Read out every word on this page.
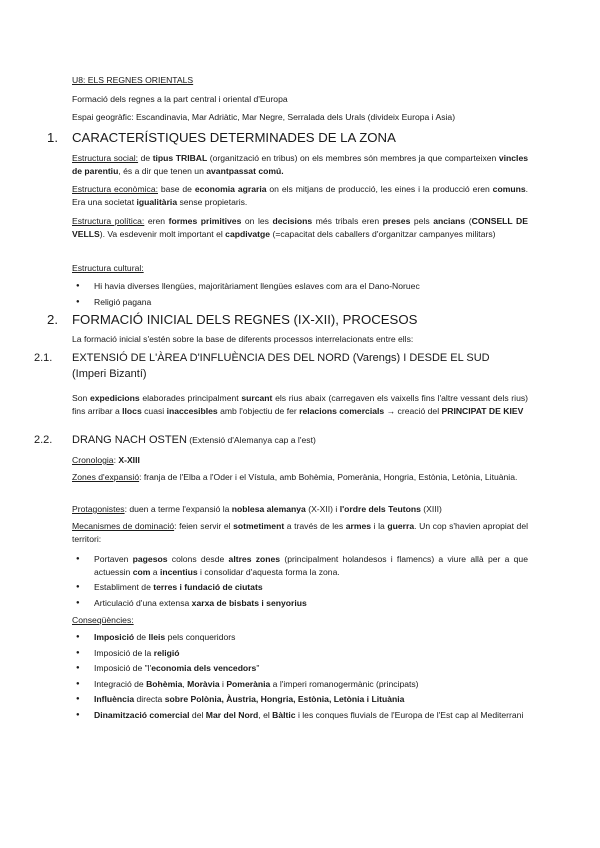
U8: ELS REGNES ORIENTALS

Formació dels regnes a la part central i oriental d'Europa

Espai geogràfic: Escandinavia, Mar Adriàtic, Mar Negre, Serralada dels Urals (divideix Europa i Asia)

1. CARACTERÍSTIQUES DETERMINADES DE LA ZONA

Estructura social: de tipus TRIBAL (organització en tribus) on els membres són membres ja que comparteixen vincles de parentiu, és a dir que tenen un avantpassat comú.

Estructura econòmica: base de economia agraria on els mitjans de producció, les eines i la producció eren comuns. Era una societat igualitària sense propietaris.

Estructura política: eren formes primitives on les decisions més tribals eren preses pels ancians (CONSELL DE VELLS). Va esdevenir molt important el capdivatge (=capacitat dels caballers d'organitzar campanyes militars)

Estructura cultural:

● Hi havia diverses llengües, majoritàriament llengües eslaves com ara el Dano-Noruec
● Religió pagana
2. FORMACIÓ INICIAL DELS REGNES (IX-XII), PROCESOS

La formació inicial s'estén sobre la base de diferents processos interrelacionats entre ells:

2.1. EXTENSIÓ DE L'ÀREA D'INFLUÈNCIA DES DEL NORD (Varengs) I DESDE EL SUD
(Imperi Bizantí)

Son expedicions elaborades principalment surcant els rius abaix (carregaven els vaixells fins l'altre vessant dels rius) fins arribar a llocs cuasi inaccesibles amb l'objectiu de fer relacions comercials → creació del PRINCIPAT DE KIEV

2.2. DRANG NACH OSTEN (Extensió d'Alemanya cap a l'est)

Cronologia: X-XIII

Zones d'expansió: franja de l'Elba a l'Oder i el Vístula, amb Bohèmia, Pomerània, Hongria, Estònia, Letònia, Lituània.

Protagonistes: duen a terme l'expansió la noblesa alemanya (X-XII) i l'ordre dels Teutons (XIII)

Mecanismes de dominació: feien servir el sotmetiment a través de les armes i la guerra. Un cop s'havien apropiat del territori:

● Portaven pagesos colons desde altres zones (principalment holandesos i flamencs) a viure allà per a que actuessin com a incentius i consolidar d'aquesta forma la zona.
● Establiment de terres i fundació de ciutats
● Articulació d'una extensa xarxa de bisbats i senyorius

Conseqüències:

● Imposició de lleis pels conqueridors
● Imposició de la religió
● Imposició de "l'economia dels vencedors"
● Integració de Bohèmia, Moràvia i Pomerània a l'imperi romanogermànic (principats)
● Influència directa sobre Polònia, Àustria, Hongria, Estònia, Letònia i Lituània
● Dinamització comercial del Mar del Nord, el Bàltic i les conques fluvials de l'Europa de l'Est cap al Mediterrani
